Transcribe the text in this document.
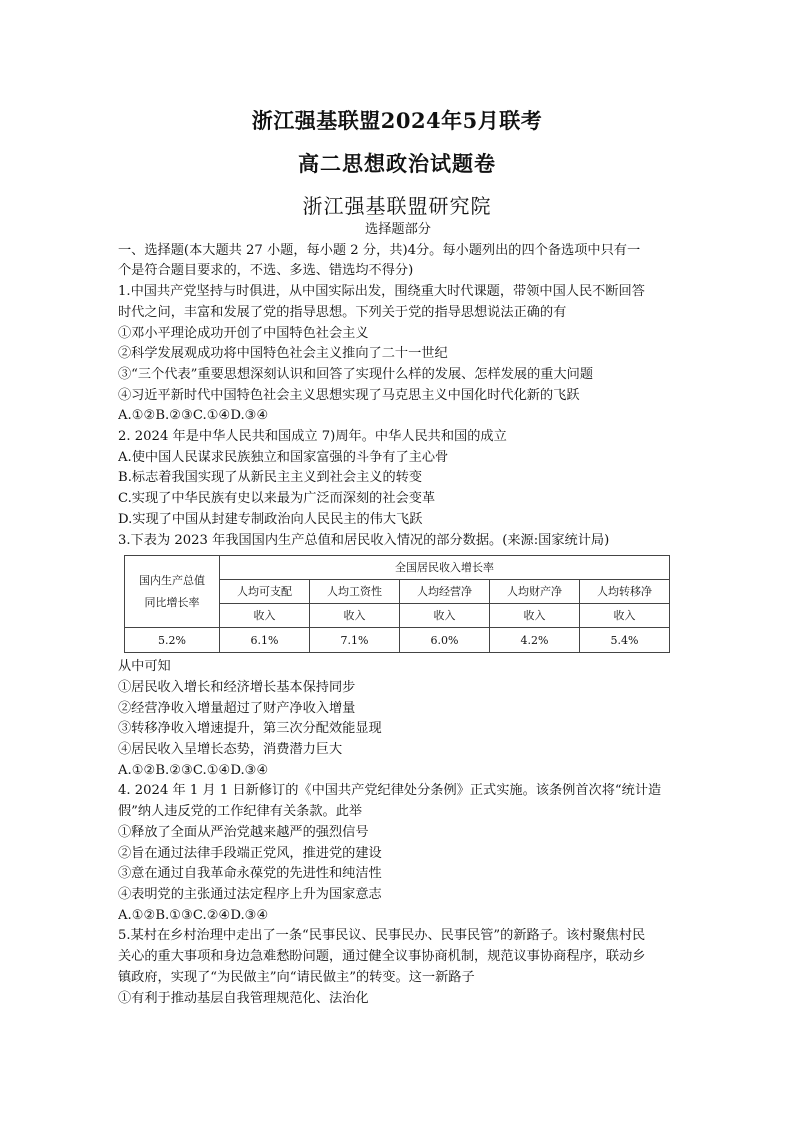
浙江强基联盟2024年5月联考
高二思想政治试题卷
浙江强基联盟研究院
选择题部分
一、选择题(本大题共 27 小题，每小题 2 分，共)4分。每小题列出的四个备选项中只有一
个是符合题目要求的，不选、多选、错选均不得分)
1.中国共产党坚持与时俱进，从中国实际出发，围绕重大时代课题，带领中国人民不断回答
时代之问，丰富和发展了党的指导思想。下列关于党的指导思想说法正确的有
①邓小平理论成功开创了中国特色社会主义
②科学发展观成功将中国特色社会主义推向了二十一世纪
③“三个代表”重要思想深刻认识和回答了实现什么样的发展、怎样发展的重大问题
④习近平新时代中国特色社会主义思想实现了马克思主义中国化时代化新的飞跃
A.①②B.②③C.①④D.③④
2. 2024 年是中华人民共和国成立 7)周年。中华人民共和国的成立
A.使中国人民谋求民族独立和国家富强的斗争有了主心骨
B.标志着我国实现了从新民主主义到社会主义的转变
C.实现了中华民族有史以来最为广泛而深刻的社会变革
D.实现了中国从封建专制政治向人民民主的伟大飞跃
3.下表为 2023 年我国国内生产总值和居民收入情况的部分数据。(来源:国家统计局)
国内生产总值
同比增长率	全国居民收入增长率				
	人均可支配	人均工资性	人均经营净	人均财产净	人均转移净
	收入	收入	收入	收入	收入
5.2%	6.1%	7.1%	6.0%	4.2%	5.4%
从中可知
①居民收入增长和经济增长基本保持同步
②经营净收入增量超过了财产净收入增量
③转移净收入增速提升，第三次分配效能显现
④居民收入呈增长态势，消费潜力巨大
A.①②B.②③C.①④D.③④
4. 2024 年 1 月 1 日新修订的《中国共产党纪律处分条例》正式实施。该条例首次将“统计造
假”纳人违反党的工作纪律有关条款。此举
①释放了全面从严治党越来越严的强烈信号
②旨在通过法律手段端正党风，推进党的建设
③意在通过自我革命永葆党的先进性和纯洁性
④表明党的主张通过法定程序上升为国家意志
A.①②B.①③C.②④D.③④
5.某村在乡村治理中走出了一条“民事民议、民事民办、民事民管”的新路子。该村聚焦村民
关心的重大事项和身边急难愁盼问题，通过健全议事协商机制，规范议事协商程序，联动乡
镇政府，实现了“为民做主”向“请民做主”的转变。这一新路子
①有利于推动基层自我管理规范化、法治化
